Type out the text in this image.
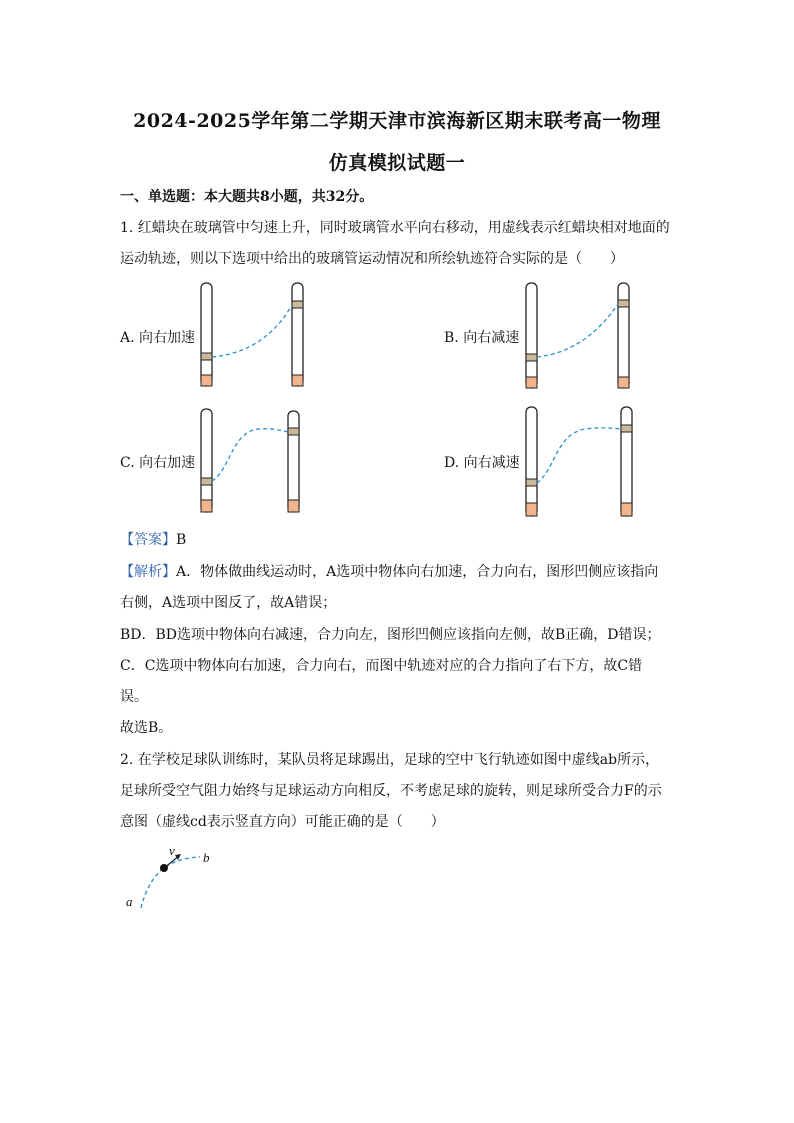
2024-2025学年第二学期天津市滨海新区期末联考高一物理
仿真模拟试题一
一、单选题：本大题共8小题，共32分。
1. 红蜡块在玻璃管中匀速上升，同时玻璃管水平向右移动，用虚线表示红蜡块相对地面的
运动轨迹，则以下选项中给出的玻璃管运动情况和所绘轨迹符合实际的是（　　）
A. 向右加速	B. 向右减速
C. 向右加速	D. 向右减速
v b
a
【答案】B
【解析】A．物体做曲线运动时，A选项中物体向右加速，合力向右，图形凹侧应该指向
右侧，A选项中图反了，故A错误；
BD．BD选项中物体向右减速，合力向左，图形凹侧应该指向左侧，故B正确，D错误；
C．C选项中物体向右加速，合力向右，而图中轨迹对应的合力指向了右下方，故C错
误。
故选B。
2. 在学校足球队训练时，某队员将足球踢出，足球的空中飞行轨迹如图中虚线ab所示，
足球所受空气阻力始终与足球运动方向相反，不考虑足球的旋转，则足球所受合力F的示
意图（虚线cd表示竖直方向）可能正确的是（　　）
